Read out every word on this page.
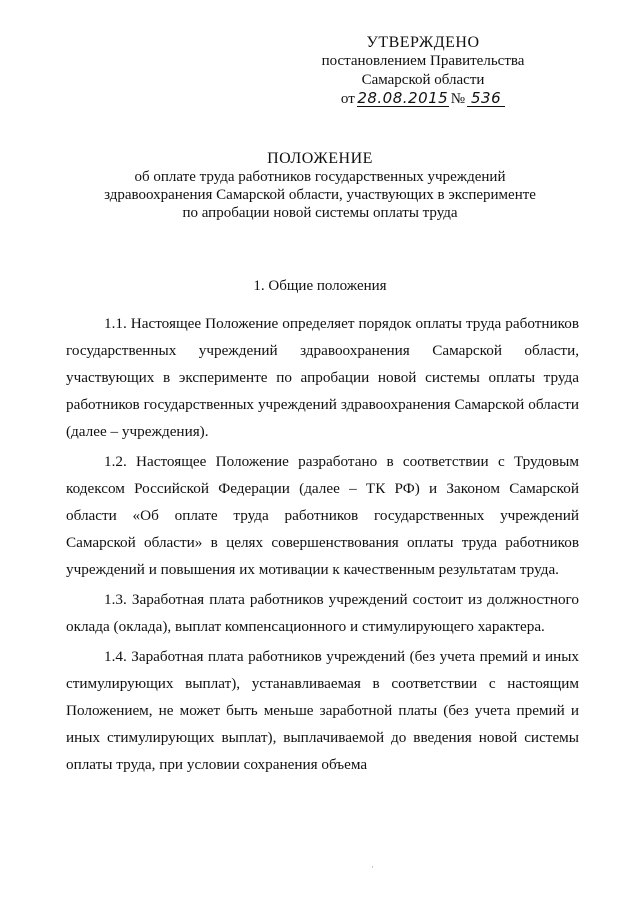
УТВЕРЖДЕНО
постановлением Правительства
Самарской области
от 28.08.2015 № 536
ПОЛОЖЕНИЕ
об оплате труда работников государственных учреждений
здравоохранения Самарской области, участвующих в эксперименте
по апробации новой системы оплаты труда
1. Общие положения

1.1. Настоящее Положение определяет порядок оплаты труда работников государственных учреждений здравоохранения Самарской области, участвующих в эксперименте по апробации новой системы оплаты труда работников государственных учреждений здравоохранения Самарской области (далее – учреждения).

1.2. Настоящее Положение разработано в соответствии с Трудовым кодексом Российской Федерации (далее – ТК РФ) и Законом Самарской области «Об оплате труда работников государственных учреждений Самарской области» в целях совершенствования оплаты труда работников учреждений и повышения их мотивации к качественным результатам труда.

1.3. Заработная плата работников учреждений состоит из должностного оклада (оклада), выплат компенсационного и стимулирующего характера.

1.4. Заработная плата работников учреждений (без учета премий и иных стимулирующих выплат), устанавливаемая в соответствии с настоящим Положением, не может быть меньше заработной платы (без учета премий и иных стимулирующих выплат), выплачиваемой до введения новой системы оплаты труда, при условии сохранения объема

·
